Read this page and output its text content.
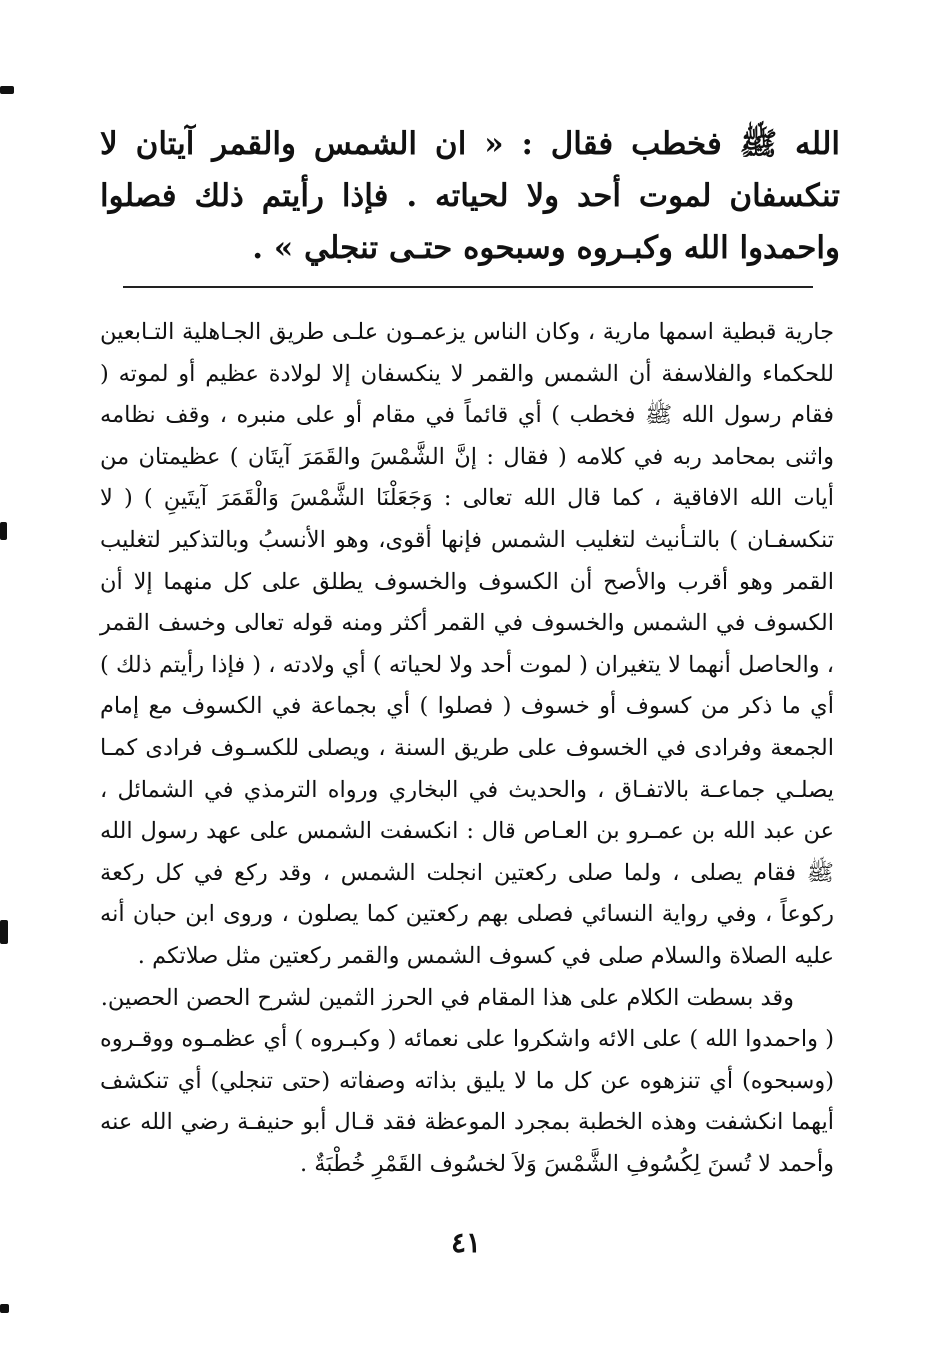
الله ﷺ فخطب فقال : « ان الشمس والقمر آيتان لا تنكسفان لموت أحد ولا لحياته . فإذا رأيتم ذلك فصلوا واحمدوا الله وكبـروه وسبحوه حتـى تنجلي » .

جارية قبطية اسمها مارية ، وكان الناس يزعمـون علـى طريق الجـاهلية التـابعين للحكماء والفلاسفة أن الشمس والقمر لا ينكسفان إلا لولادة عظيم أو لموته ( فقام رسول الله ﷺ فخطب ) أي قائماً في مقام أو على منبره ، وقف نظامه واثنى بمحامد ربه في كلامه ( فقال : إنَّ الشَّمْسَ والقَمَرَ آيتَان ) عظيمتان من أيات الله الافاقية ، كما قال الله تعالى : وَجَعَلْنَا الشَّمْسَ وَالْقَمَرَ آيتَينِ ) ( لا تنكسفـان ) بالتـأنيث لتغليب الشمس فإنها أقوى، وهو الأنسبُ وبالتذكير لتغليب القمر وهو أقرب والأصح أن الكسوف والخسوف يطلق على كل منهما إلا أن الكسوف في الشمس والخسوف في القمر أكثر ومنه قوله تعالى وخسف القمر ، والحاصل أنهما لا يتغيران ( لموت أحد ولا لحياته ) أي ولادته ، ( فإذا رأيتم ذلك ) أي ما ذكر من كسوف أو خسوف ( فصلوا ) أي بجماعة في الكسوف مع إمام الجمعة وفرادى في الخسوف على طريق السنة ، ويصلى للكسـوف فرادى كمـا يصلـي جماعـة بالاتفـاق ، والحديث في البخاري ورواه الترمذي في الشمائل ، عن عبد الله بن عمـرو بن العـاص قال : انكسفت الشمس على عهد رسول الله ﷺ فقام يصلى ، ولما صلى ركعتين انجلت الشمس ، وقد ركع في كل ركعة ركوعاً ، وفي رواية النسائي فصلى بهم ركعتين كما يصلون ، وروى ابن حبان أنه عليه الصلاة والسلام صلى في كسوف الشمس والقمر ركعتين مثل صلاتكم .

وقد بسطت الكلام على هذا المقام في الحرز الثمين لشرح الحصن الحصين.

( واحمدوا الله ) على الائه واشكروا على نعمائه ( وكبـروه ) أي عظمـوه ووقـروه (وسبحوه) أي تنزهوه عن كل ما لا يليق بذاته وصفاته (حتى تنجلي) أي تنكشف أيهما انكشفت وهذه الخطبة بمجرد الموعظة فقد قـال أبو حنيفـة رضي الله عنه وأحمد لا تُسنَ لِكُسُوفِ الشَّمْسَ وَلاَ لخسُوف القَمْرِ خُطْبَةٌ .

٤١
